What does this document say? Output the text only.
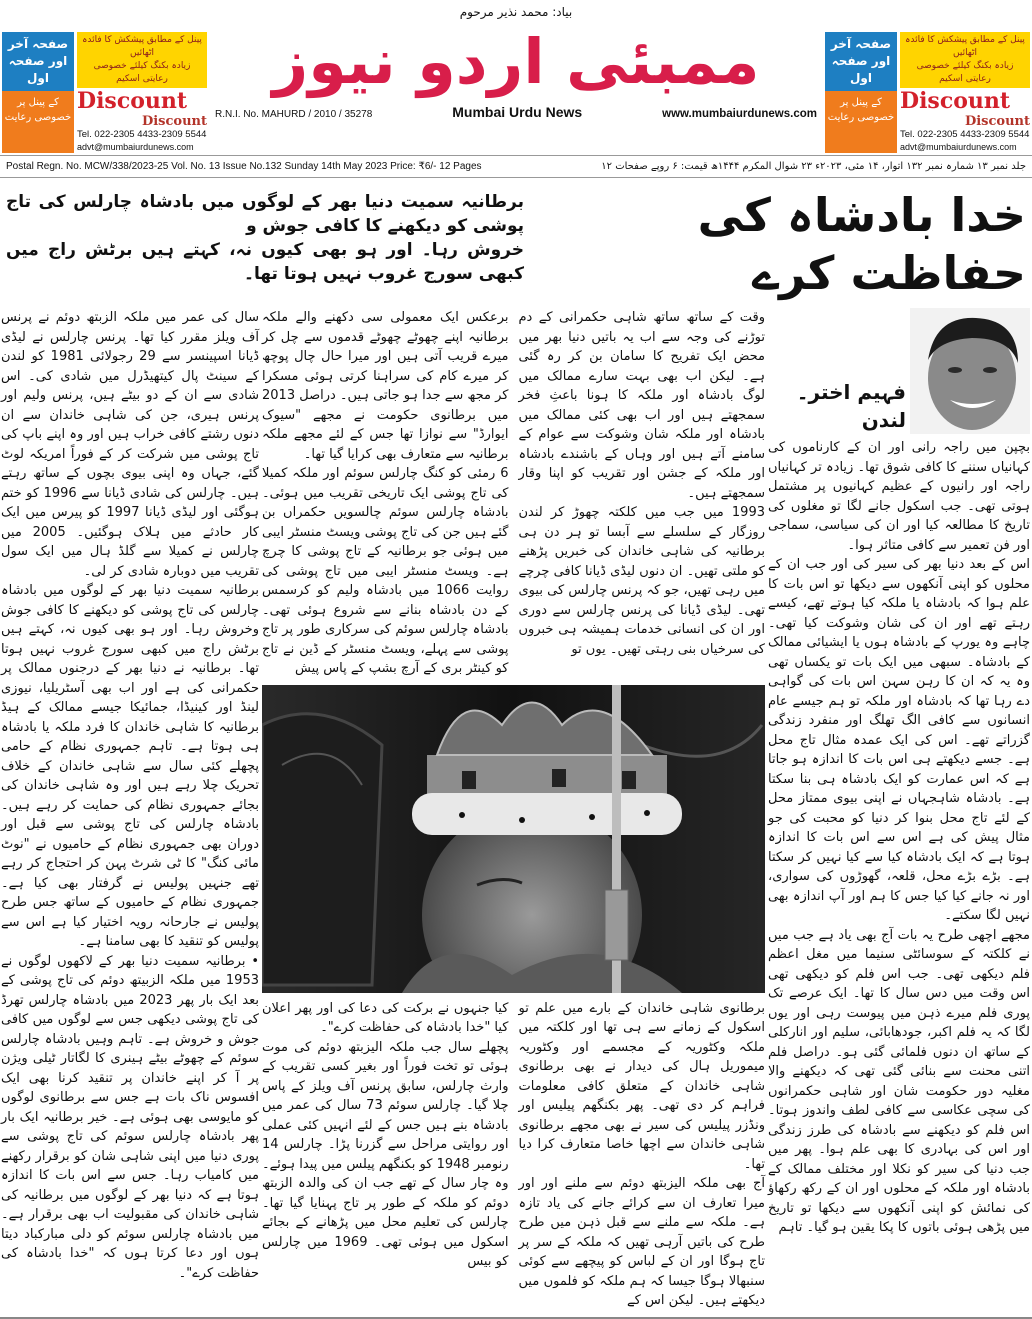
صفحہ آخر اور صفحہ اول
کے پینل پر خصوصی رعایت
پینل کے مطابق پیشکش کا فائدہ اٹھائیں
زیادہ بکنگ کیلئے خصوصی رعایتی اسکیم
Discount
Discount
Tel. 022-2305 4433-2309 5544
advt@mumbaiurdunews.com
بیاد: محمد نذیر مرحوم
ممبئی اردو نیوز
R.N.I. No. MAHURD / 2010 / 35278	Mumbai Urdu News	www.mumbaiurdunews.com
صفحہ آخر اور صفحہ اول
کے پینل پر خصوصی رعایت
پینل کے مطابق پیشکش کا فائدہ اٹھائیں
زیادہ بکنگ کیلئے خصوصی رعایتی اسکیم
Discount
Discount
Tel. 022-2305 4433-2309 5544
advt@mumbaiurdunews.com
Postal Regn. No. MCW/338/2023-25 Vol. No. 13 Issue No.132 Sunday 14th May 2023 Price: ₹6/- 12 Pages	جلد نمبر ۱۳ شمارہ نمبر ۱۳۲ اتوار، ۱۴ مئی، ۲۰۲۳ء ۲۳ شوال المکرم ۱۴۴۴ھ قیمت: ۶ روپے صفحات ۱۲
خدا بادشاہ کی حفاظت کرے
برطانیہ سمیت دنیا بھر کے لوگوں میں بادشاہ چارلس کی تاج پوشی کو دیکھنے کا کافی جوش و
خروش رہا۔ اور ہو بھی کیوں نہ، کہتے ہیں برٹش راج میں کبھی سورج غروب نہیں ہوتا تھا۔
فہیم اختر۔ لندن

بچپن میں راجہ رانی اور ان کے کارناموں کی کہانیاں سننے کا کافی شوق تھا۔ زیادہ تر کہانیاں راجہ اور رانیوں کے عظیم کہانیوں پر مشتمل ہوتی تھی۔ جب اسکول جانے لگا تو مغلوں کی تاریخ کا مطالعہ کیا اور ان کی سیاسی، سماجی اور فن تعمیر سے کافی متاثر ہوا۔

اس کے بعد دنیا بھر کی سیر کی اور جب ان کے محلوں کو اپنی آنکھوں سے دیکھا تو اس بات کا علم ہوا کہ بادشاہ یا ملکہ کیا ہوتے تھے، کیسے رہتے تھے اور ان کی شان وشوکت کیا تھی۔ چاہے وہ یورپ کے بادشاہ ہوں یا ایشیائی ممالک کے بادشاہ۔ سبھی میں ایک بات تو یکساں تھی وہ یہ کہ ان کا رہن سہن اس بات کی گواہی دے رہا تھا کہ بادشاہ اور ملکہ تو ہم جیسے عام انسانوں سے کافی الگ تھلگ اور منفرد زندگی گزراتے تھے۔ اس کی ایک عمدہ مثال تاج محل ہے۔ جسے دیکھتے ہی اس بات کا اندازہ ہو جاتا ہے کہ اس عمارت کو ایک بادشاہ ہی بنا سکتا ہے۔ بادشاہ شاہجہاں نے اپنی بیوی ممتاز محل کے لئے تاج محل بنوا کر دنیا کو محبت کی جو مثال پیش کی ہے اس سے اس بات کا اندازہ ہوتا ہے کہ ایک بادشاہ کیا سے کیا نہیں کر سکتا ہے۔ بڑے بڑے محل، قلعہ، گھوڑوں کی سواری، اور نہ جانے کیا کیا جس کا ہم اور آپ اندازہ بھی نہیں لگا سکتے۔

مجھے اچھی طرح یہ بات آج بھی یاد ہے جب میں نے کلکتہ کے سوسائٹی سنیما میں مغل اعظم فلم دیکھی تھی۔ جب اس فلم کو دیکھی تھی اس وقت میں دس سال کا تھا۔ ایک عرصے تک پوری فلم میرے ذہن میں پیوست رہی اور یوں لگا کہ یہ فلم اکبر، جودھابائی، سلیم اور انارکلی کے ساتھ ان دنوں فلمائی گئی ہو۔ دراصل فلم اتنی محنت سے بنائی گئی تھی کہ دیکھنے والا مغلیہ دور حکومت شان اور شاہی حکمرانوں کی سچی عکاسی سے کافی لطف واندوز ہوتا۔ اس فلم کو دیکھنے سے بادشاہ کی طرز زندگی اور اس کی بہادری کا بھی علم ہوا۔ پھر میں جب دنیا کی سیر کو نکلا اور مختلف ممالک کے بادشاہ اور ملکہ کے محلوں اور ان کے رکھ رکھاؤ کی نمائش کو اپنی آنکھوں سے دیکھا تو تاریخ میں پڑھی ہوئی باتوں کا پکا یقین ہو گیا۔ تاہم

وقت کے ساتھ ساتھ شاہی حکمرانی کے دم توڑنے کی وجہ سے اب یہ باتیں دنیا بھر میں محض ایک تفریح کا سامان بن کر رہ گئی ہے۔ لیکن اب بھی بہت سارے ممالک میں لوگ بادشاہ اور ملکہ کا ہونا باعثِ فخر سمجھتے ہیں اور اب بھی کئی ممالک میں بادشاہ اور ملکہ شان وشوکت سے عوام کے سامنے آتے ہیں اور وہاں کے باشندے بادشاہ اور ملکہ کے جشن اور تقریب کو اپنا وقار سمجھتے ہیں۔

1993 میں جب میں کلکتہ چھوڑ کر لندن روزگار کے سلسلے سے آبسا تو ہر دن ہی برطانیہ کی شاہی خاندان کی خبریں پڑھنے کو ملتی تھیں۔ ان دنوں لیڈی ڈیانا کافی چرچے میں رہی تھیں، جو کہ پرنس چارلس کی بیوی تھی۔ لیڈی ڈیانا کی پرنس چارلس سے دوری اور ان کی انسانی خدمات ہمیشہ ہی خبروں کی سرخیاں بنی رہتی تھیں۔ یوں تو

برعکس ایک معمولی سی دکھنے والے ملکہ برطانیہ اپنے چھوٹے چھوٹے قدموں سے چل کر میرے قریب آتی ہیں اور میرا حال چال پوچھ کر میرے کام کی سراہنا کرتی ہوئی مسکرا کر مجھ سے جدا ہو جاتی ہیں۔ دراصل 2013 میں برطانوی حکومت نے مجھے "سیوک ایوارڈ" سے نوازا تھا جس کے لئے مجھے ملکہ برطانیہ سے متعارف بھی کرایا گیا تھا۔

6 رمئی کو کنگ چارلس سوئم اور ملکہ کمیلا کی تاج پوشی ایک تاریخی تقریب میں ہوئی۔ بادشاہ چارلس سوئم چالسویں حکمراں بن گئے ہیں جن کی تاج پوشی ویسٹ منسٹر ایبی میں ہوئی جو برطانیہ کے تاج پوشی کا چرچ ہے۔ ویسٹ منسٹر ایبی میں تاج پوشی کی روایت 1066 میں بادشاہ ولیم کو کرسمس کے دن بادشاہ بنانے سے شروع ہوئی تھی۔ بادشاہ چارلس سوئم کی سرکاری طور پر تاج پوشی سے پہلے، ویسٹ منسٹر کے ڈین نے تاج کو کینٹر بری کے آرچ بشپ کے پاس پیش

برطانوی شاہی خاندان کے بارے میں علم تو اسکول کے زمانے سے ہی تھا اور کلکتہ میں ملکہ وکٹوریہ کے مجسمے اور وکٹوریہ میموریل ہال کی دیدار نے بھی برطانوی شاہی خاندان کے متعلق کافی معلومات فراہم کر دی تھی۔ پھر بکنگھم پیلیس اور ونڈزر پیلیس کی سیر نے بھی مجھے برطانوی شاہی خاندان سے اچھا خاصا متعارف کرا دیا تھا۔

آج بھی ملکہ الیزبتھ دوئم سے ملنے اور اور میرا تعارف ان سے کرائے جانے کی یاد تازہ ہے۔ ملکہ سے ملنے سے قبل ذہن میں طرح طرح کی باتیں آرہی تھیں کہ ملکہ کے سر پر تاج ہوگا اور ان کے لباس کو پیچھے سے کوئی سنبھالا ہوگا جیسا کہ ہم ملکہ کو فلموں میں دیکھتے ہیں۔ لیکن اس کے

کیا جنہوں نے برکت کی دعا کی اور پھر اعلان کیا "خدا بادشاہ کی حفاظت کرے"۔

پچھلے سال جب ملکہ الیزبتھ دوئم کی موت ہوئی تو تخت فوراً اور بغیر کسی تقریب کے وارث چارلس، سابق پرنس آف ویلز کے پاس چلا گیا۔ چارلس سوئم 73 سال کی عمر میں بادشاہ بنے ہیں جس کے لئے انہیں کئی عملی اور روایتی مراحل سے گزرنا پڑا۔ چارلس 14 رنومبر 1948 کو بکنگھم پیلس میں پیدا ہوئے۔ وہ چار سال کے تھے جب ان کی والدہ الزبتھ دوئم کو ملکہ کے طور پر تاج پہنایا گیا تھا۔ چارلس کی تعلیم محل میں پڑھانے کے بجائے اسکول میں ہوئی تھی۔ 1969 میں چارلس کو بیس

سال کی عمر میں ملکہ الزبتھ دوئم نے پرنس آف ویلز مقرر کیا تھا۔ پرنس چارلس نے لیڈی ڈیانا اسپینسر سے 29 رجولائی 1981 کو لندن کے سینٹ پال کیتھیڈرل میں شادی کی۔ اس شادی سے ان کے دو بیٹے ہیں، پرنس ولیم اور پرنس ہیری، جن کی شاہی خاندان سے ان دنوں رشتے کافی خراب ہیں اور وہ اپنے باپ کی تاج پوشی میں شرکت کر کے فوراً امریکہ لوٹ گئے، جہاں وہ اپنی بیوی بچوں کے ساتھ رہتے ہیں۔ چارلس کی شادی ڈیانا سے 1996 کو ختم ہوگئی اور لیڈی ڈیانا 1997 کو پیرس میں ایک کار حادثے میں ہلاک ہوگئیں۔ 2005 میں چارلس نے کمیلا سے گلڈ ہال میں ایک سول تقریب میں دوبارہ شادی کر لی۔

برطانیہ سمیت دنیا بھر کے لوگوں میں بادشاہ چارلس کی تاج پوشی کو دیکھنے کا کافی جوش وخروش رہا۔ اور ہو بھی کیوں نہ، کہتے ہیں برٹش راج میں کبھی سورج غروب نہیں ہوتا تھا۔ برطانیہ نے دنیا بھر کے درجنوں ممالک پر حکمرانی کی ہے اور اب بھی آسٹریلیا، نیوزی لینڈ اور کینیڈا، جمائیکا جیسے ممالک کے ہیڈ برطانیہ کا شاہی خاندان کا فرد ملکہ یا بادشاہ ہی ہوتا ہے۔ تاہم جمہوری نظام کے حامی پچھلے کئی سال سے شاہی خاندان کے خلاف تحریک چلا رہے ہیں اور وہ شاہی خاندان کی بجائے جمہوری نظام کی حمایت کر رہے ہیں۔ بادشاہ چارلس کی تاج پوشی سے قبل اور دوران بھی جمہوری نظام کے حامیوں نے "نوٹ مائی کنگ" کا ٹی شرٹ پہن کر احتجاج کر رہے تھے جنہیں پولیس نے گرفتار بھی کیا ہے۔ جمہوری نظام کے حامیوں کے ساتھ جس طرح پولیس نے جارحانہ رویہ اختیار کیا ہے اس سے پولیس کو تنقید کا بھی سامنا ہے۔

• برطانیہ سمیت دنیا بھر کے لاکھوں لوگوں نے 1953 میں ملکہ الزبیتھ دوئم کی تاج پوشی کے بعد ایک بار پھر 2023 میں بادشاہ چارلس تھرڈ کی تاج پوشی دیکھی جس سے لوگوں میں کافی جوش و خروش ہے۔ تاہم وہیں بادشاہ چارلس سوئم کے چھوٹے بیٹے ہینری کا لگاتار ٹیلی ویژن پر آ کر اپنے خاندان پر تنقید کرنا بھی ایک افسوس ناک بات ہے جس سے برطانوی لوگوں کو مایوسی بھی ہوئی ہے۔ خیر برطانیہ ایک بار پھر بادشاہ چارلس سوئم کی تاج پوشی سے پوری دنیا میں اپنی شاہی شان کو برقرار رکھنے میں کامیاب رہا۔ جس سے اس بات کا اندازہ ہوتا ہے کہ دنیا بھر کے لوگوں میں برطانیہ کی شاہی خاندان کی مقبولیت اب بھی برقرار ہے۔ میں بادشاہ چارلس سوئم کو دلی مبارکباد دیتا ہوں اور دعا کرتا ہوں کہ "خدا بادشاہ کی حفاظت کرے"۔
